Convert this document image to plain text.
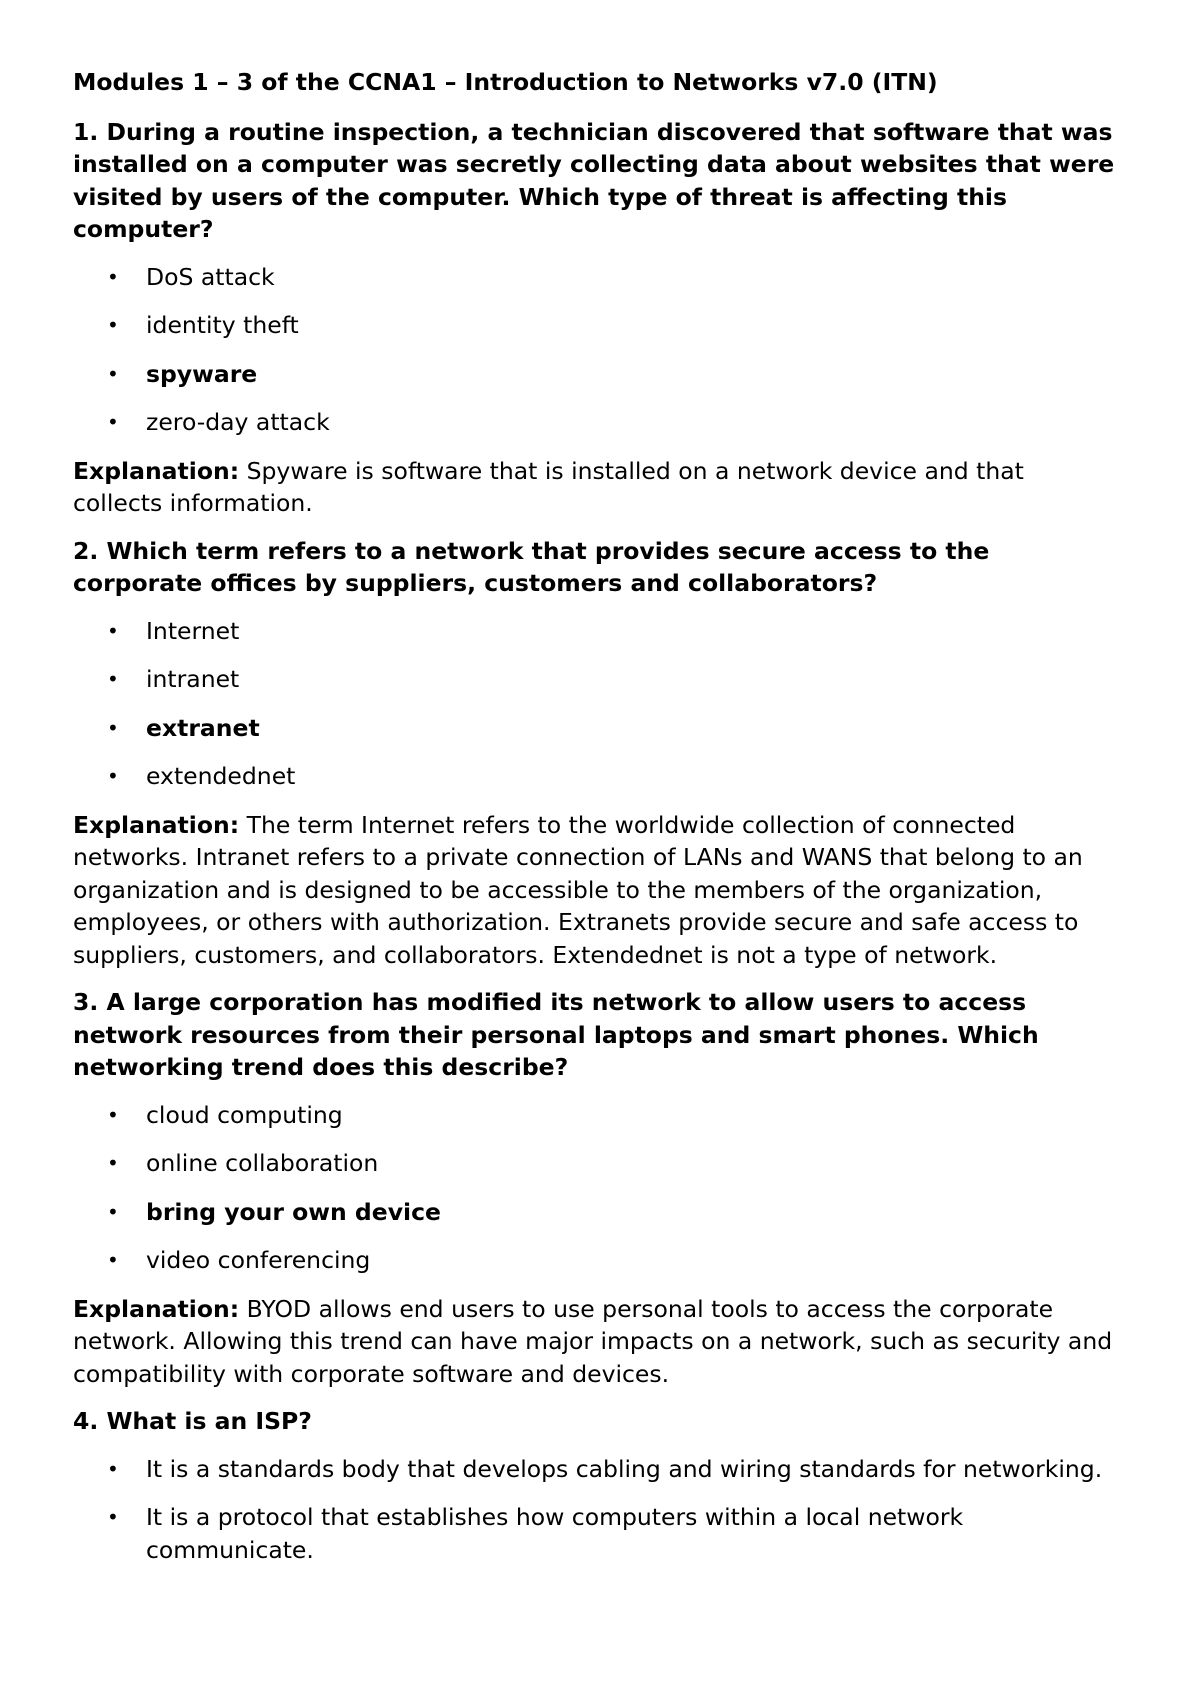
Modules 1 – 3 of the CCNA1 – Introduction to Networks v7.0 (ITN)
1. During a routine inspection, a technician discovered that software that was installed on a computer was secretly collecting data about websites that were visited by users of the computer. Which type of threat is affecting this computer?
• DoS attack
• identity theft
• spyware
• zero-day attack
Explanation: Spyware is software that is installed on a network device and that collects information.
2. Which term refers to a network that provides secure access to the corporate offices by suppliers, customers and collaborators?
• Internet
• intranet
• extranet
• extendednet
Explanation: The term Internet refers to the worldwide collection of connected networks. Intranet refers to a private connection of LANs and WANS that belong to an organization and is designed to be accessible to the members of the organization, employees, or others with authorization. Extranets provide secure and safe access to suppliers, customers, and collaborators. Extendednet is not a type of network.
3. A large corporation has modified its network to allow users to access network resources from their personal laptops and smart phones. Which networking trend does this describe?
• cloud computing
• online collaboration
• bring your own device
• video conferencing
Explanation: BYOD allows end users to use personal tools to access the corporate network. Allowing this trend can have major impacts on a network, such as security and compatibility with corporate software and devices.
4. What is an ISP?
• It is a standards body that develops cabling and wiring standards for networking.
• It is a protocol that establishes how computers within a local network communicate.
